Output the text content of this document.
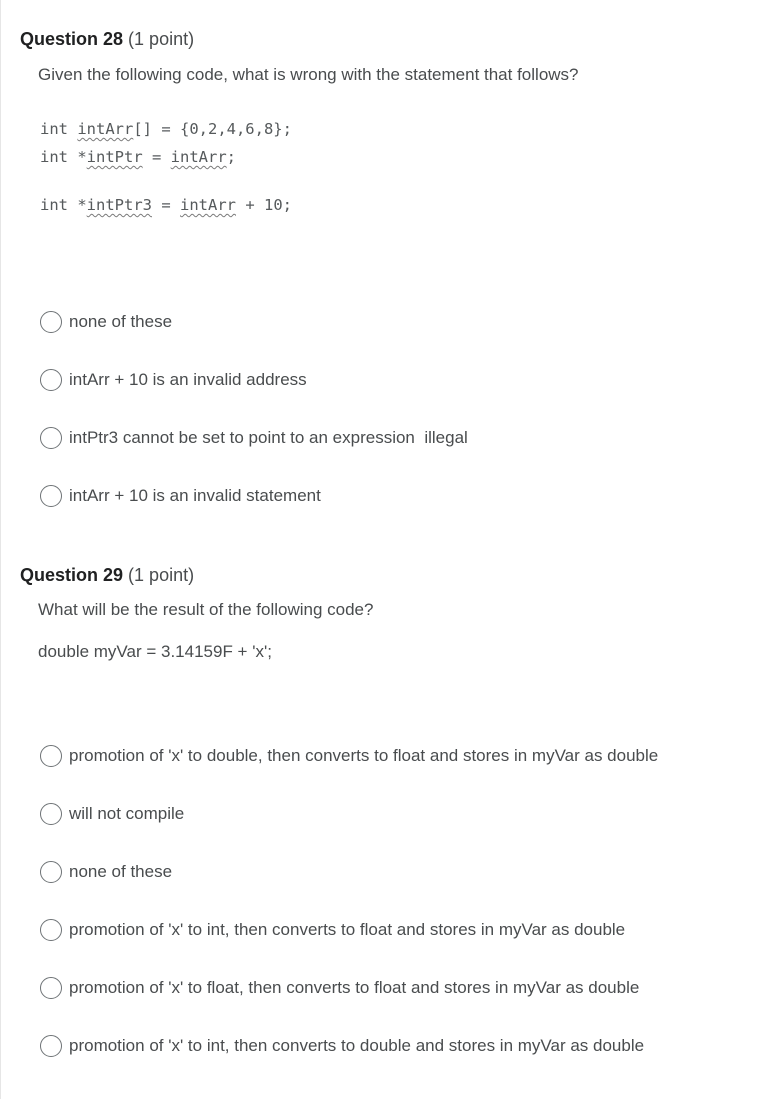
Question 28 (1 point)
Given the following code, what is wrong with the statement that follows?
int intArr[] = {0,2,4,6,8};
int *intPtr = intArr;
int *intPtr3 = intArr + 10;
none of these
intArr + 10 is an invalid address
intPtr3 cannot be set to point to an expression  illegal
intArr + 10 is an invalid statement
Question 29 (1 point)
What will be the result of the following code?
double myVar = 3.14159F + 'x';
promotion of 'x' to double, then converts to float and stores in myVar as double
will not compile
none of these
promotion of 'x' to int, then converts to float and stores in myVar as double
promotion of 'x' to float, then converts to float and stores in myVar as double
promotion of 'x' to int, then converts to double and stores in myVar as double
